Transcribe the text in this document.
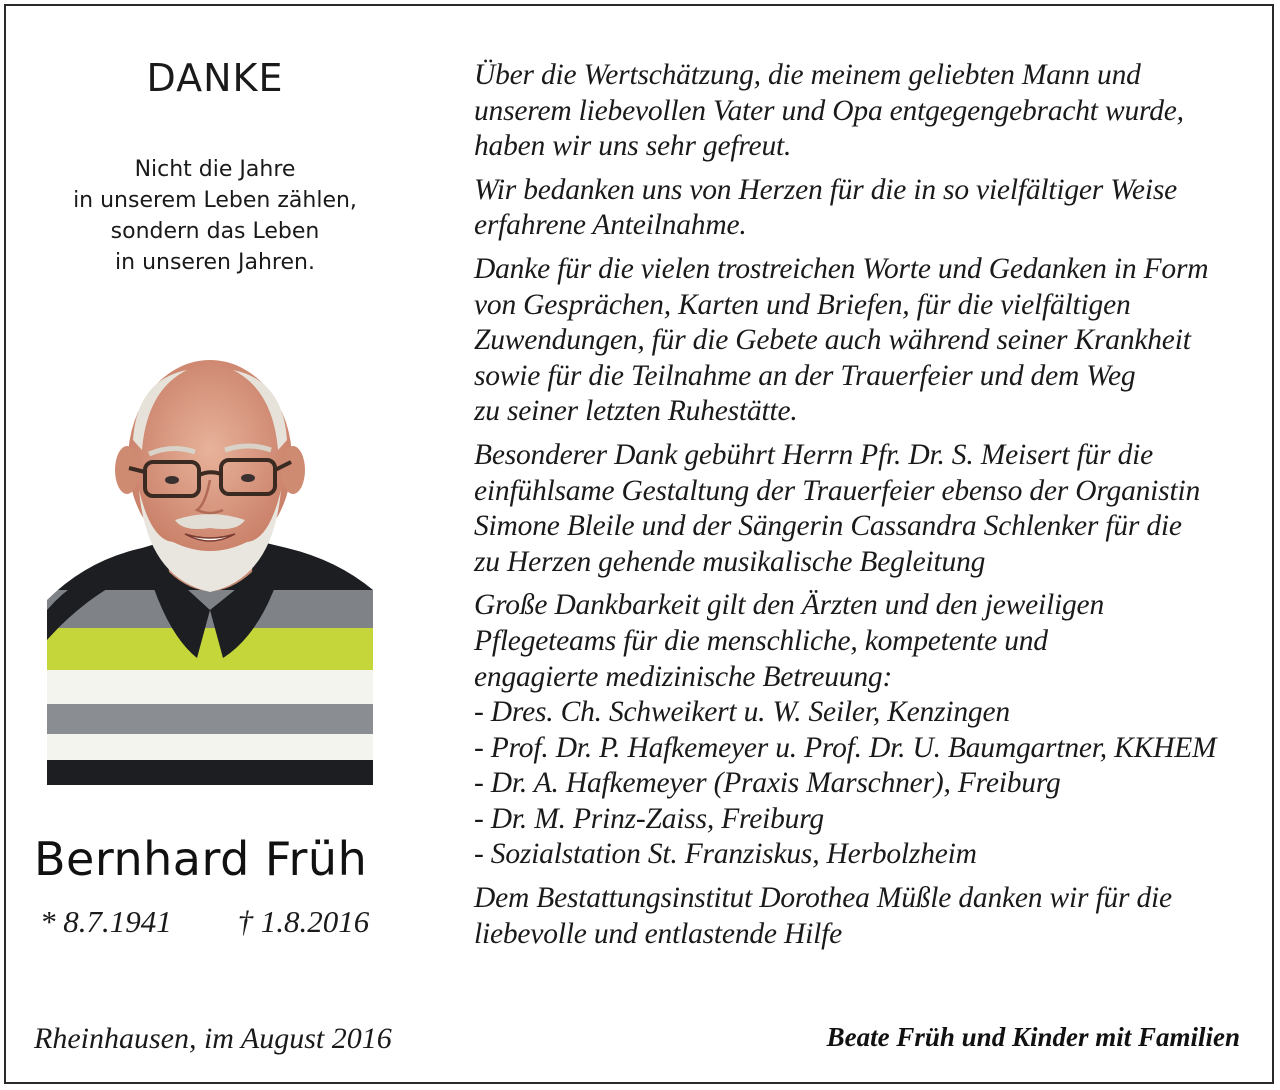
DANKE
Nicht die Jahre
in unserem Leben zählen,
sondern das Leben
in unseren Jahren.
Bernhard Früh
* 8.7.1941 † 1.8.2016
Rheinhausen, im August 2016

Über die Wertschätzung, die meinem geliebten Mann und
unserem liebevollen Vater und Opa entgegengebracht wurde,
haben wir uns sehr gefreut.

Wir bedanken uns von Herzen für die in so vielfältiger Weise
erfahrene Anteilnahme.

Danke für die vielen trostreichen Worte und Gedanken in Form
von Gesprächen, Karten und Briefen, für die vielfältigen
Zuwendungen, für die Gebete auch während seiner Krankheit
sowie für die Teilnahme an der Trauerfeier und dem Weg
zu seiner letzten Ruhestätte.

Besonderer Dank gebührt Herrn Pfr. Dr. S. Meisert für die
einfühlsame Gestaltung der Trauerfeier ebenso der Organistin
Simone Bleile und der Sängerin Cassandra Schlenker für die
zu Herzen gehende musikalische Begleitung

Große Dankbarkeit gilt den Ärzten und den jeweiligen
Pflegeteams für die menschliche, kompetente und
engagierte medizinische Betreuung:
- Dres. Ch. Schweikert u. W. Seiler, Kenzingen
- Prof. Dr. P. Hafkemeyer u. Prof. Dr. U. Baumgartner, KKHEM
- Dr. A. Hafkemeyer (Praxis Marschner), Freiburg
- Dr. M. Prinz-Zaiss, Freiburg
- Sozialstation St. Franziskus, Herbolzheim

Dem Bestattungsinstitut Dorothea Müßle danken wir für die
liebevolle und entlastende Hilfe

Beate Früh und Kinder mit Familien
